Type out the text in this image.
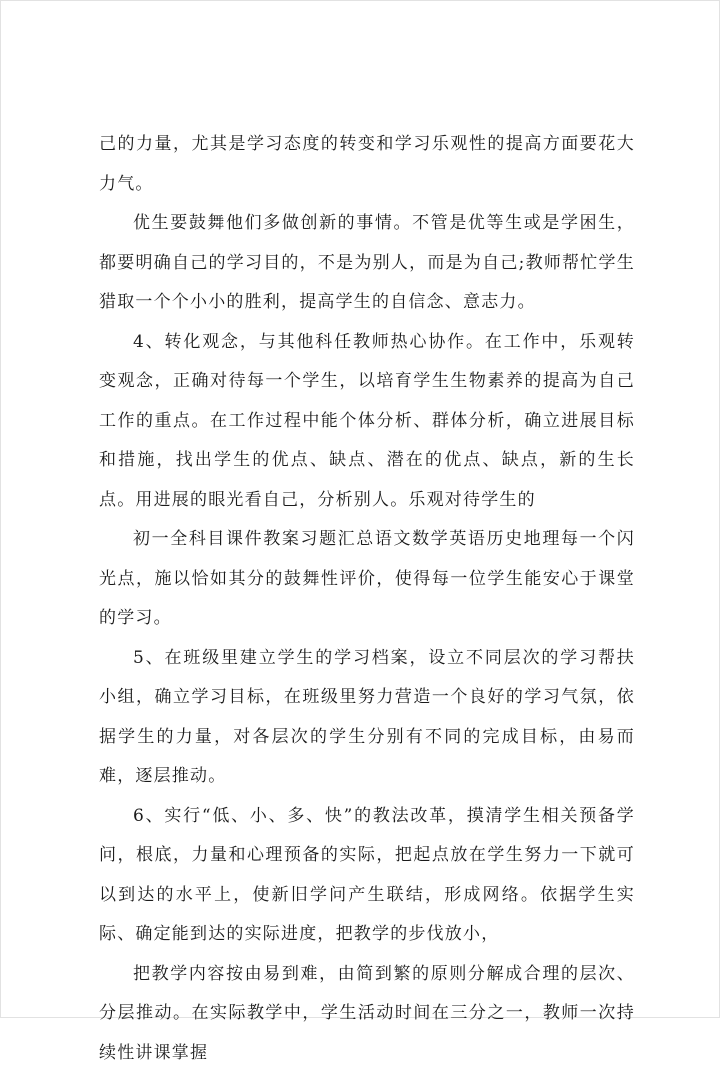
己的力量，尤其是学习态度的转变和学习乐观性的提高方面要花大力气。

优生要鼓舞他们多做创新的事情。不管是优等生或是学困生，都要明确自己的学习目的，不是为别人，而是为自己;教师帮忙学生猎取一个个小小的胜利，提高学生的自信念、意志力。

4、转化观念，与其他科任教师热心协作。在工作中，乐观转变观念，正确对待每一个学生，以培育学生生物素养的提高为自己工作的重点。在工作过程中能个体分析、群体分析，确立进展目标和措施，找出学生的优点、缺点、潜在的优点、缺点，新的生长点。用进展的眼光看自己，分析别人。乐观对待学生的

初一全科目课件教案习题汇总语文数学英语历史地理每一个闪光点，施以恰如其分的鼓舞性评价，使得每一位学生能安心于课堂的学习。

5、在班级里建立学生的学习档案，设立不同层次的学习帮扶小组，确立学习目标，在班级里努力营造一个良好的学习气氛，依据学生的力量，对各层次的学生分别有不同的完成目标，由易而难，逐层推动。

6、实行“低、小、多、快”的教法改革，摸清学生相关预备学问，根底，力量和心理预备的实际，把起点放在学生努力一下就可以到达的水平上，使新旧学问产生联结，形成网络。依据学生实际、确定能到达的实际进度，把教学的步伐放小，

把教学内容按由易到难，由简到繁的原则分解成合理的层次、分层推动。在实际教学中，学生活动时间在三分之一，教师一次持续性讲课掌握
